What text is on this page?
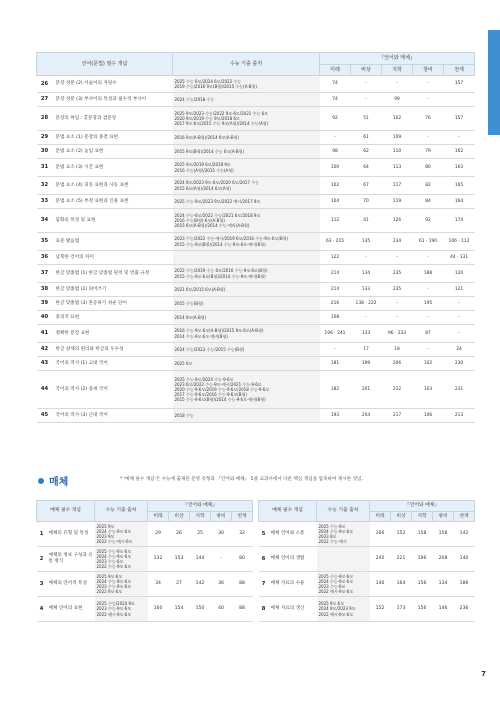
언어(문법) 필수 개념		수능 기출 출처	『언어와 매체』				
			미래	비상	지학	창비	천재
26	문장 성분 (2) 서술어의 자릿수	2025 수능 6모/2024 6모/2022 수능
2019 수능/2016 9모(B형)/2015 수능(A·B형)	74	-	-	-	157
27	문장 성분 (3) 부사어의 특성과 필수적 부사어	2024 수능/2018 수능	74	-	99	-	
28	문장의 짜임 : 홑문장과 겹문장	2025 9모/2023 수능/2022 9모·6모/2021 수능 6모
2020 9모/2019 수능 9모/2018 6모
2017 9모·6모/2015 수능 9모(A형)/2014 수능(A형)	92	51	102	76	157
29	문법 요소 (1) 문장의 종결 표현	2016 9모(A·B형)/2014 9모(A·B형)	-	61	109	-	-
30	문법 요소 (2) 높임 표현	2015 9모(B형)/2014 수능 6모(A·B형)	98	62	110	79	162
31	문법 요소 (3) 시간 표현	2025 9모/2019 6모/2018 9모
2016 수능(A형)/2015 수능(A형)	100	64	113	80	163
32	문법 요소 (4) 피동 표현과 사동 표현	2024 9모/2023 9모·6모/2020 6모/2017 수능
2015 6모(A형)/2014 6모(A형)	102	67	117	82	165
33	문법 요소 (5) 부정 표현과 인용 표현	2025 수능·9모/2023 9모/2022 예시/2017 9모	104	70	119	84	164
34	담화의 특성 및 표현	2024 수능·6모/2022 수능/2021 6모/2018 9모
2016 수능(B형)·6모(A·B형)
2015 6모(A·B형)/2014 수능·예비(A·B형)	112	41	126	92	174
35	표준 발음법	2023 수능/2022 수능·예시/2019 6모/2016 수능·9모·6모(B형)
2015 수능·9모(B형)/2014 수능·9모·6모·예비(B형)	63 · 215	135	234	61 · 190	106 · 112
36	남북한 언어의 차이		122	-	-	-	44 · 131
37	한글 맞춤법 (1) 한글 맞춤법 원칙 및 번출 규정	2022 수능/2019 수능 6모/2016 수능·9모·6모(B형)
2015 수능·9모·6모(B형)/2014 수능·9모·예비(B형)	214	134	235	188	120
38	한글 맞춤법 (2) 띄어쓰기	2021 6모/2015 6모(A·B형)	214	133	235	-	121
39	한글 맞춤법 (3) 혼동하기 쉬운 단어	2015 수능(B형)	216	138 · 222	-	195	-
40	중의적 표현	2014 9모(A·B형)	108	-	-	-	-
41	정확한 문장 표현	2016 수능·9모·6모(A·B형)/2015 9모·6모(A·B형)
2014 수능·9모·6모·예비(B형)	106 · 241	133	96 · 233	87	-
42	한글 창제의 원리와 한글의 우수성	2024 수능/2023 수능/2015 수능(B형)	-	17	18	-	24
43	국어의 역사 (1) 고대 국어	2025 6모	181	199	206	102	230
44	국어의 역사 (2) 중세 국어	2025 수능·9모/2024 수능·9·6모
2023 6모/2022 수능·9모·예시/2021 수능·9·6모
2020 수능·9·6모/2019 수능·9·6모/2018 수능·9·6모
2017 수능·9·6모/2016 수능·9·6모(B형)
2015 수능·9·6모(B형)/2014 수능·9·6모·예비(B형)	182	201	212	103	231
45	국어의 역사 (3) 근대 국어	2018 수능	193	204	217	106	213
매체	* '매체 필수 개념'은 수능에 출제된 문항 유형과 『언어와 매체』 5종 교과서에서 다룬 핵심 개념을 압축하여 제시한 것임.
매체 필수 개념		수능 기출 출처	『언어와 매체』				
			미래	비상	지학	창비	천재
1	매체의 유형 및 특성	2025 9모
2024 수능·9모·6모
2023 9모
2022 수능·예시·6모	29	26	25	30	32
2	매체의 정보 구성과 유통 방식	2025 수능·9모·6모
2024 수능·9모·6모
2023 수능·6모
2022 수능·9모·6모	132	153	144	-	80
3	매체의 언어적 특성	2025 9모·6모
2024 수능·9모·6모
2023 수능·9모·6모
2022 9모·6모	34	27	142	36	88
4	매체 언어의 표현	2025 수능/2024 9모
2023 수능·9모·6모
2022 예시·9모·6모	160	154	150	40	88
매체 필수 개념		수능 기출 출처	『언어와 매체』				
			미래	비상	지학	창비	천재
5	매체 언어와 소통	2025 수능·9모
2024 수능·9모·6모
2023 9모
2022 수능·예시	166	152	158	158	142
6	매체 언어의 생활		240	221	196	208	140
7	매체 자료의 수용	2025 수능·9모·6모
2024 수능·9모·6모
2023 수능·6모
2022 예시·9모·6모	146	164	156	134	186
8	매체 자료의 생산	2025 9모·6모
2024 9모/2023 9모
2022 예시·9모·6모	152	173	156	146	236
7
